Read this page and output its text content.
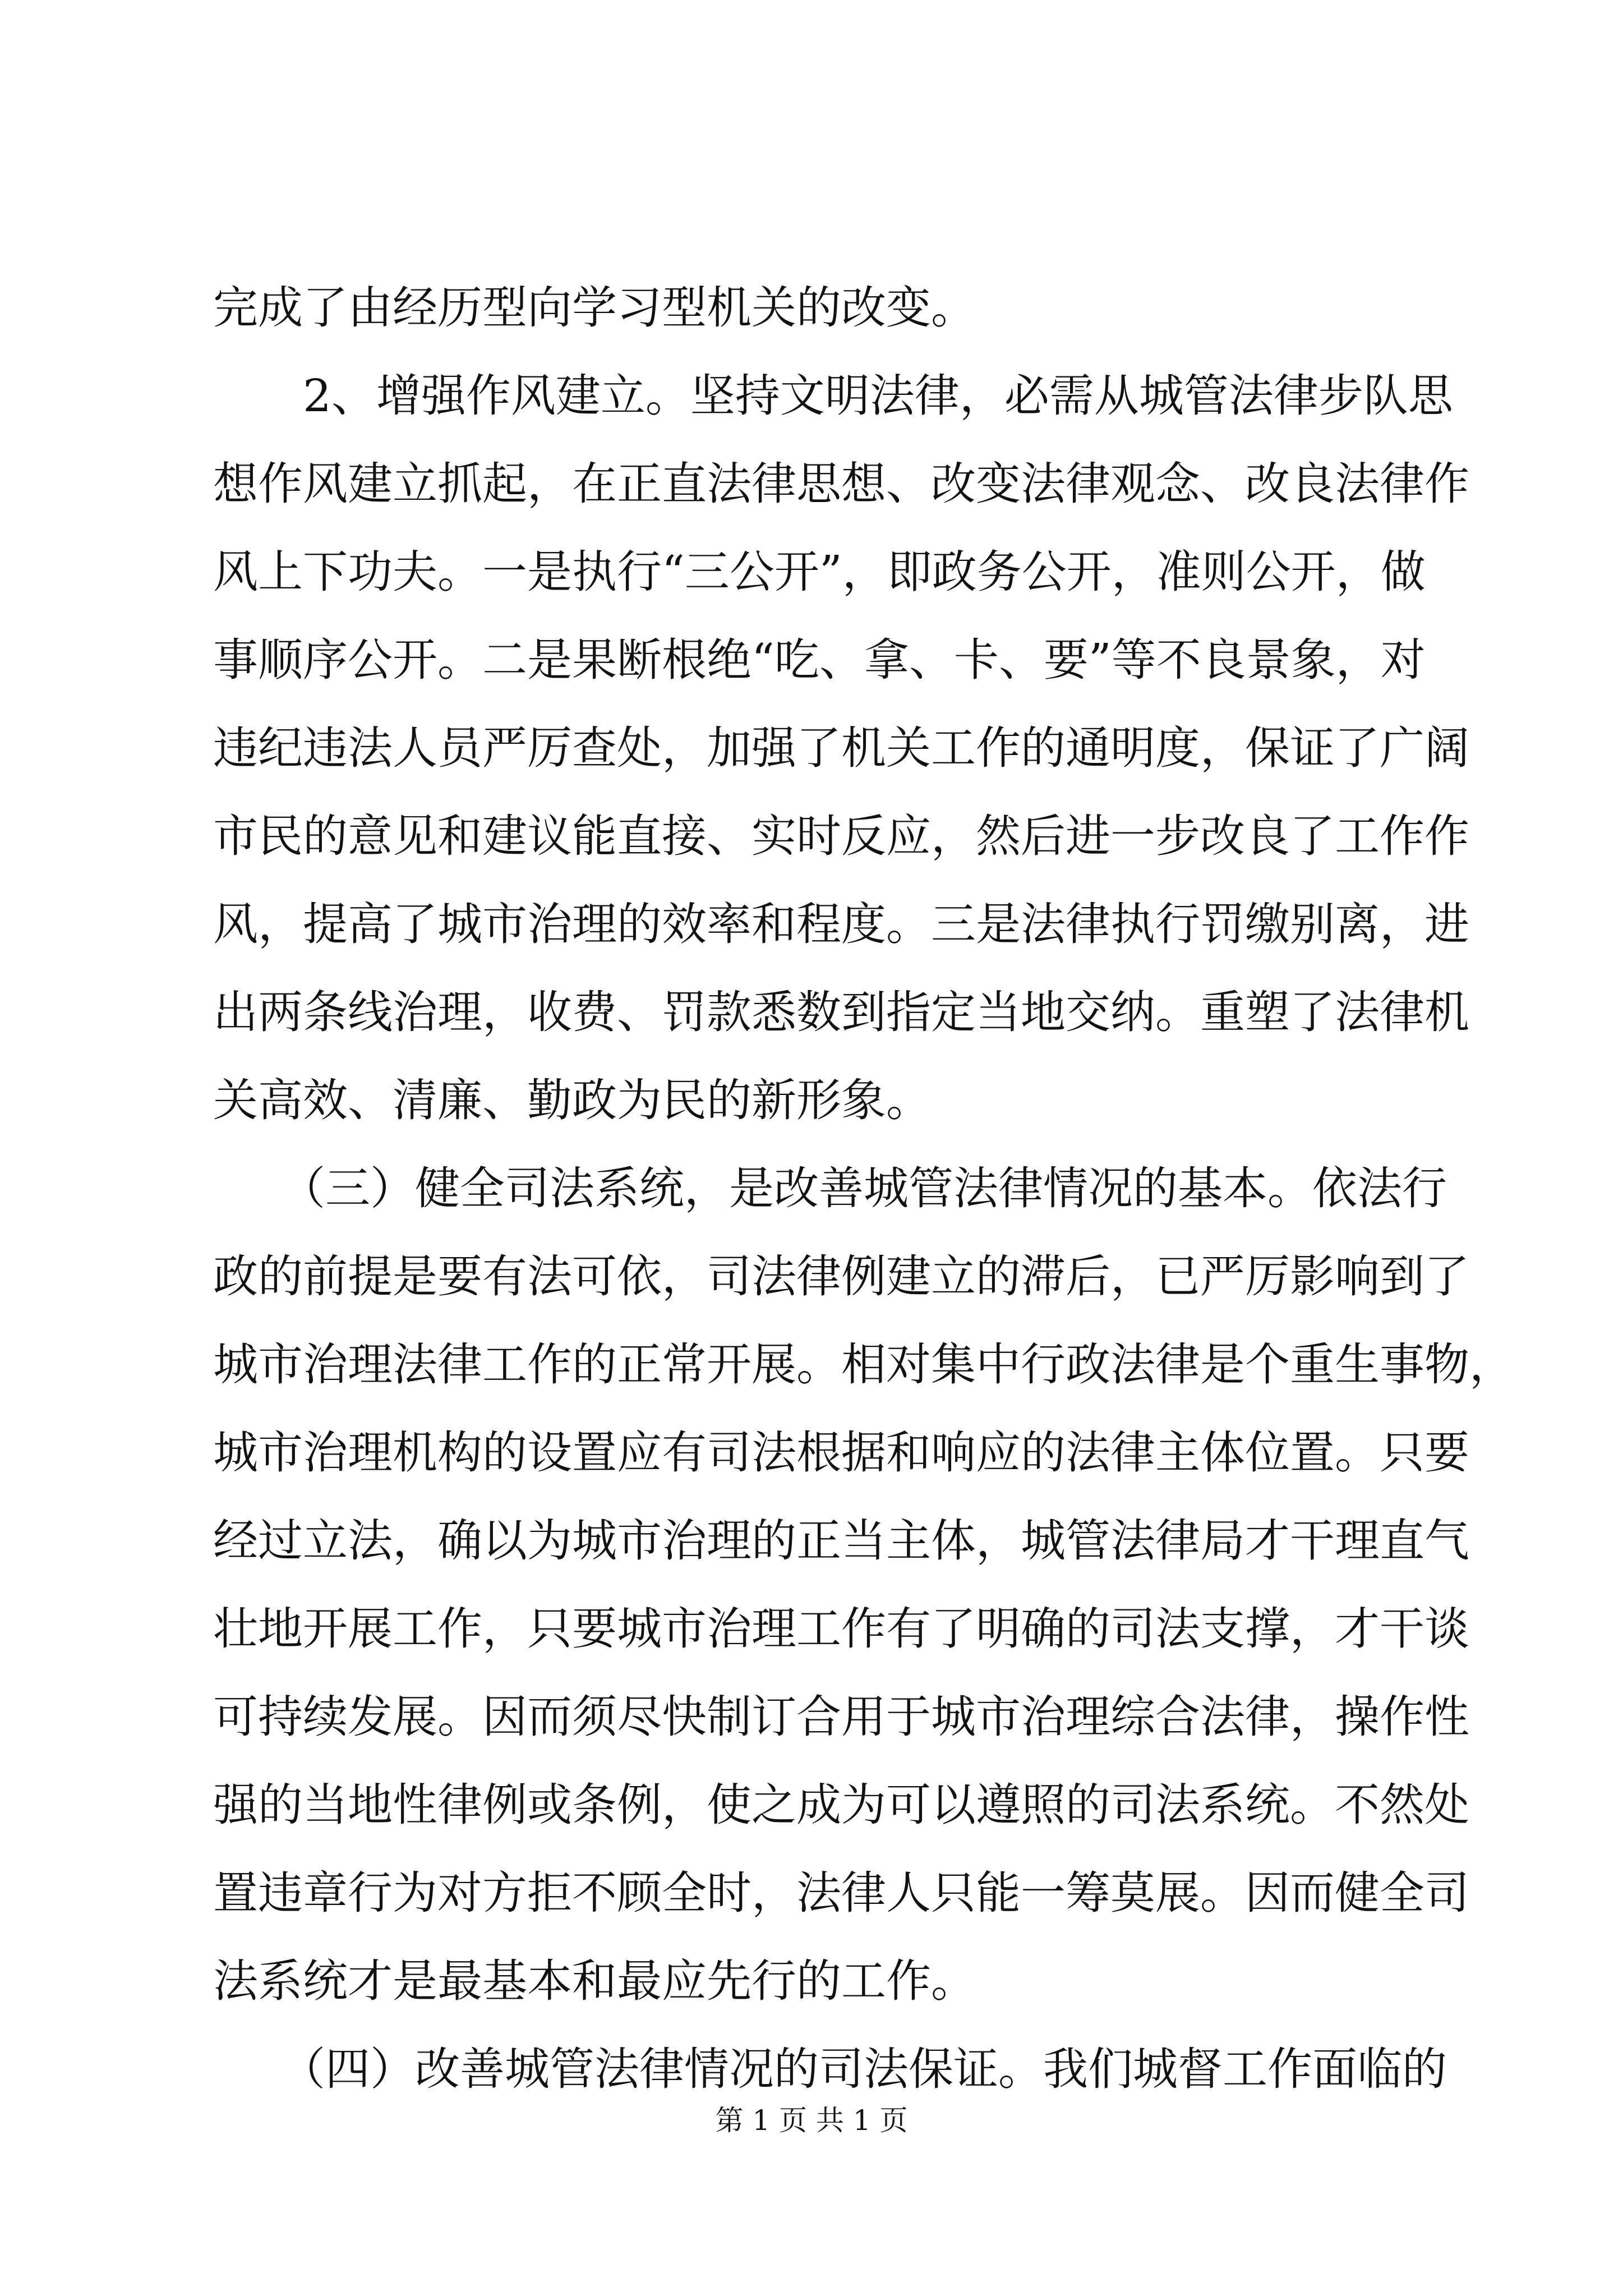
完成了由经历型向学习型机关的改变。
　　2、增强作风建立。坚持文明法律，必需从城管法律步队思
想作风建立抓起，在正直法律思想、改变法律观念、改良法律作
风上下功夫。一是执行“三公开”，即政务公开，准则公开，做
事顺序公开。二是果断根绝“吃、拿、卡、要”等不良景象，对
违纪违法人员严厉查处，加强了机关工作的通明度，保证了广阔
市民的意见和建议能直接、实时反应，然后进一步改良了工作作
风，提高了城市治理的效率和程度。三是法律执行罚缴别离，进
出两条线治理，收费、罚款悉数到指定当地交纳。重塑了法律机
关高效、清廉、勤政为民的新形象。
　　（三）健全司法系统，是改善城管法律情况的基本。依法行
政的前提是要有法可依，司法律例建立的滞后，已严厉影响到了
城市治理法律工作的正常开展。相对集中行政法律是个重生事物，
城市治理机构的设置应有司法根据和响应的法律主体位置。只要
经过立法，确以为城市治理的正当主体，城管法律局才干理直气
壮地开展工作，只要城市治理工作有了明确的司法支撑，才干谈
可持续发展。因而须尽快制订合用于城市治理综合法律，操作性
强的当地性律例或条例，使之成为可以遵照的司法系统。不然处
置违章行为对方拒不顾全时，法律人只能一筹莫展。因而健全司
法系统才是最基本和最应先行的工作。
　　（四）改善城管法律情况的司法保证。我们城督工作面临的
第 1 页 共 1 页
